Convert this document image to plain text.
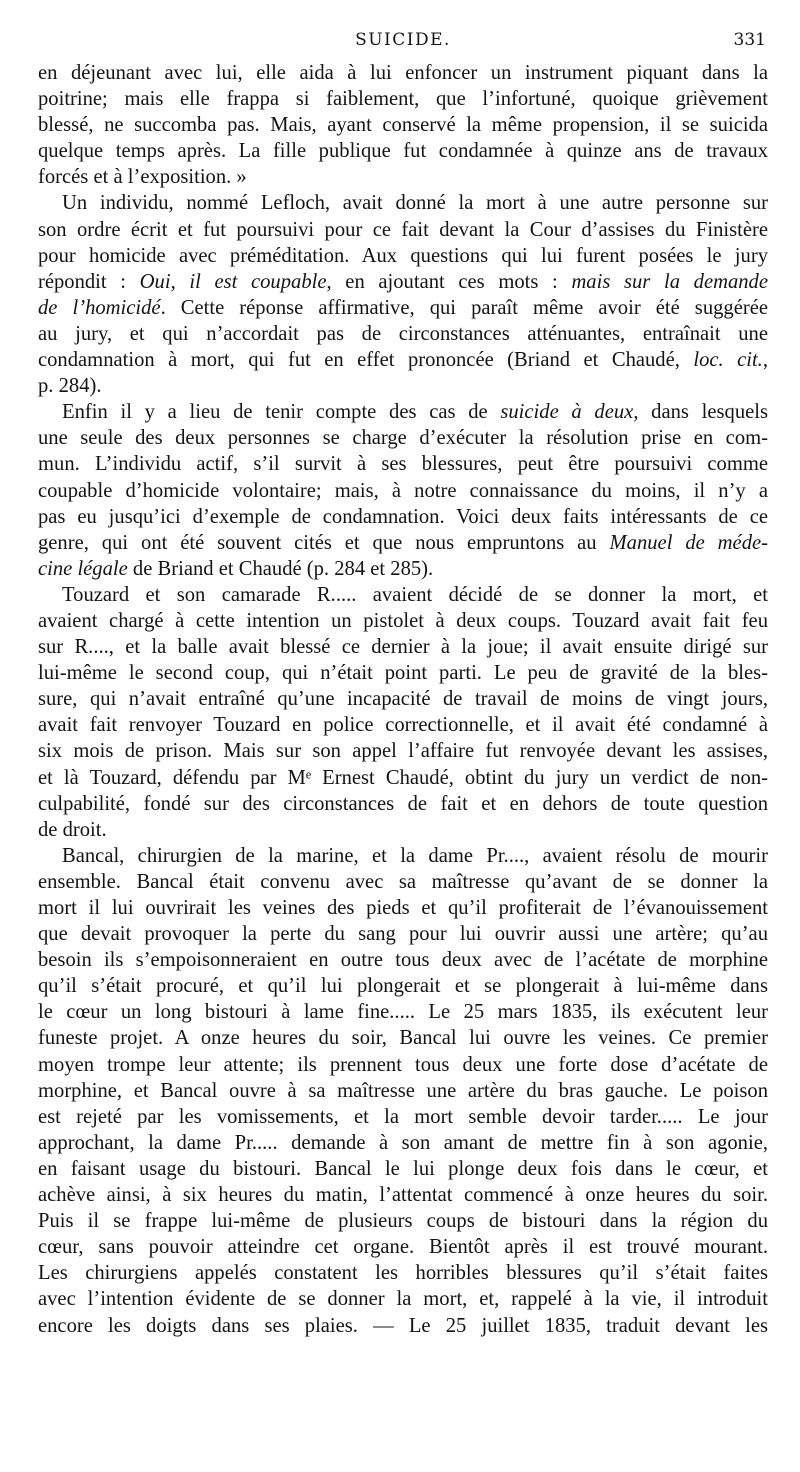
SUICIDE.	331
en déjeunant avec lui, elle aida à lui enfoncer un instrument piquant dans la
poitrine; mais elle frappa si faiblement, que l’infortuné, quoique grièvement
blessé, ne succomba pas. Mais, ayant conservé la même propension, il se suicida
quelque temps après. La fille publique fut condamnée à quinze ans de travaux
forcés et à l’exposition. »
Un individu, nommé Lefloch, avait donné la mort à une autre personne sur
son ordre écrit et fut poursuivi pour ce fait devant la Cour d’assises du Finistère
pour homicide avec préméditation. Aux questions qui lui furent posées le jury
répondit : Oui, il est coupable, en ajoutant ces mots : mais sur la demande
de l’homicidé. Cette réponse affirmative, qui paraît même avoir été suggérée
au jury, et qui n’accordait pas de circonstances atténuantes, entraînait une
condamnation à mort, qui fut en effet prononcée (Briand et Chaudé, loc. cit.,
p. 284).
Enfin il y a lieu de tenir compte des cas de suicide à deux, dans lesquels
une seule des deux personnes se charge d’exécuter la résolution prise en com-
mun. L’individu actif, s’il survit à ses blessures, peut être poursuivi comme
coupable d’homicide volontaire; mais, à notre connaissance du moins, il n’y a
pas eu jusqu’ici d’exemple de condamnation. Voici deux faits intéressants de ce
genre, qui ont été souvent cités et que nous empruntons au Manuel de méde-
cine légale de Briand et Chaudé (p. 284 et 285).
Touzard et son camarade R..... avaient décidé de se donner la mort, et
avaient chargé à cette intention un pistolet à deux coups. Touzard avait fait feu
sur R...., et la balle avait blessé ce dernier à la joue; il avait ensuite dirigé sur
lui-même le second coup, qui n’était point parti. Le peu de gravité de la bles-
sure, qui n’avait entraîné qu’une incapacité de travail de moins de vingt jours,
avait fait renvoyer Touzard en police correctionnelle, et il avait été condamné à
six mois de prison. Mais sur son appel l’affaire fut renvoyée devant les assises,
et là Touzard, défendu par Mᵉ Ernest Chaudé, obtint du jury un verdict de non-
culpabilité, fondé sur des circonstances de fait et en dehors de toute question
de droit.
Bancal, chirurgien de la marine, et la dame Pr...., avaient résolu de mourir
ensemble. Bancal était convenu avec sa maîtresse qu’avant de se donner la
mort il lui ouvrirait les veines des pieds et qu’il profiterait de l’évanouissement
que devait provoquer la perte du sang pour lui ouvrir aussi une artère; qu’au
besoin ils s’empoisonneraient en outre tous deux avec de l’acétate de morphine
qu’il s’était procuré, et qu’il lui plongerait et se plongerait à lui-même dans
le cœur un long bistouri à lame fine..... Le 25 mars 1835, ils exécutent leur
funeste projet. A onze heures du soir, Bancal lui ouvre les veines. Ce premier
moyen trompe leur attente; ils prennent tous deux une forte dose d’acétate de
morphine, et Bancal ouvre à sa maîtresse une artère du bras gauche. Le poison
est rejeté par les vomissements, et la mort semble devoir tarder..... Le jour
approchant, la dame Pr..... demande à son amant de mettre fin à son agonie,
en faisant usage du bistouri. Bancal le lui plonge deux fois dans le cœur, et
achève ainsi, à six heures du matin, l’attentat commencé à onze heures du soir.
Puis il se frappe lui-même de plusieurs coups de bistouri dans la région du
cœur, sans pouvoir atteindre cet organe. Bientôt après il est trouvé mourant.
Les chirurgiens appelés constatent les horribles blessures qu’il s’était faites
avec l’intention évidente de se donner la mort, et, rappelé à la vie, il introduit
encore les doigts dans ses plaies. — Le 25 juillet 1835, traduit devant les
